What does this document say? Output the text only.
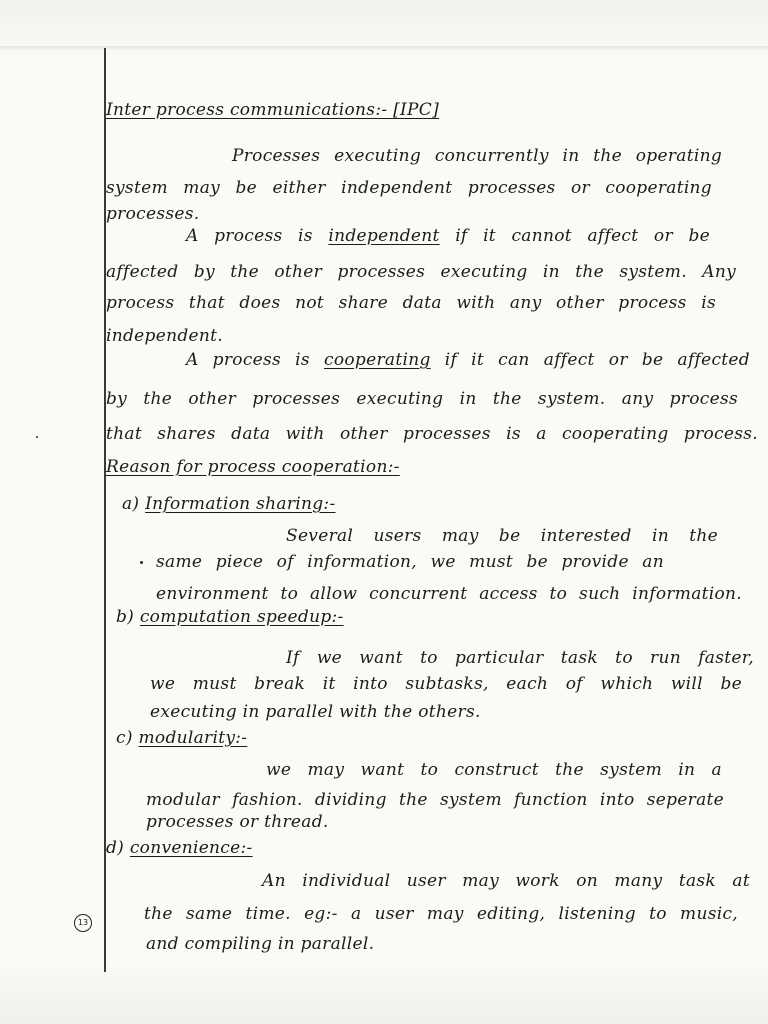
Inter process communications:- [IPC]
Processes executing concurrently in the operating
system may be either independent processes or cooperating
processes.
A process is independent if it cannot affect or be
affected by the other processes executing in the system. Any
process that does not share data with any other process is
independent.
A process is cooperating if it can affect or be affected
by the other processes executing in the system. any process
that shares data with other processes is a cooperating process.
Reason for process cooperation:-
a) Information sharing:-
Several users may be interested in the
same piece of information, we must be provide an
environment to allow concurrent access to such information.
b) computation speedup:-
If we want to particular task to run faster,
we must break it into subtasks, each of which will be
executing in parallel with the others.
c) modularity:-
we may want to construct the system in a
modular fashion. dividing the system function into seperate
processes or thread.
d) convenience:-
An individual user may work on many task at
the same time. eg:- a user may editing, listening to music,
and compiling in parallel.
13
